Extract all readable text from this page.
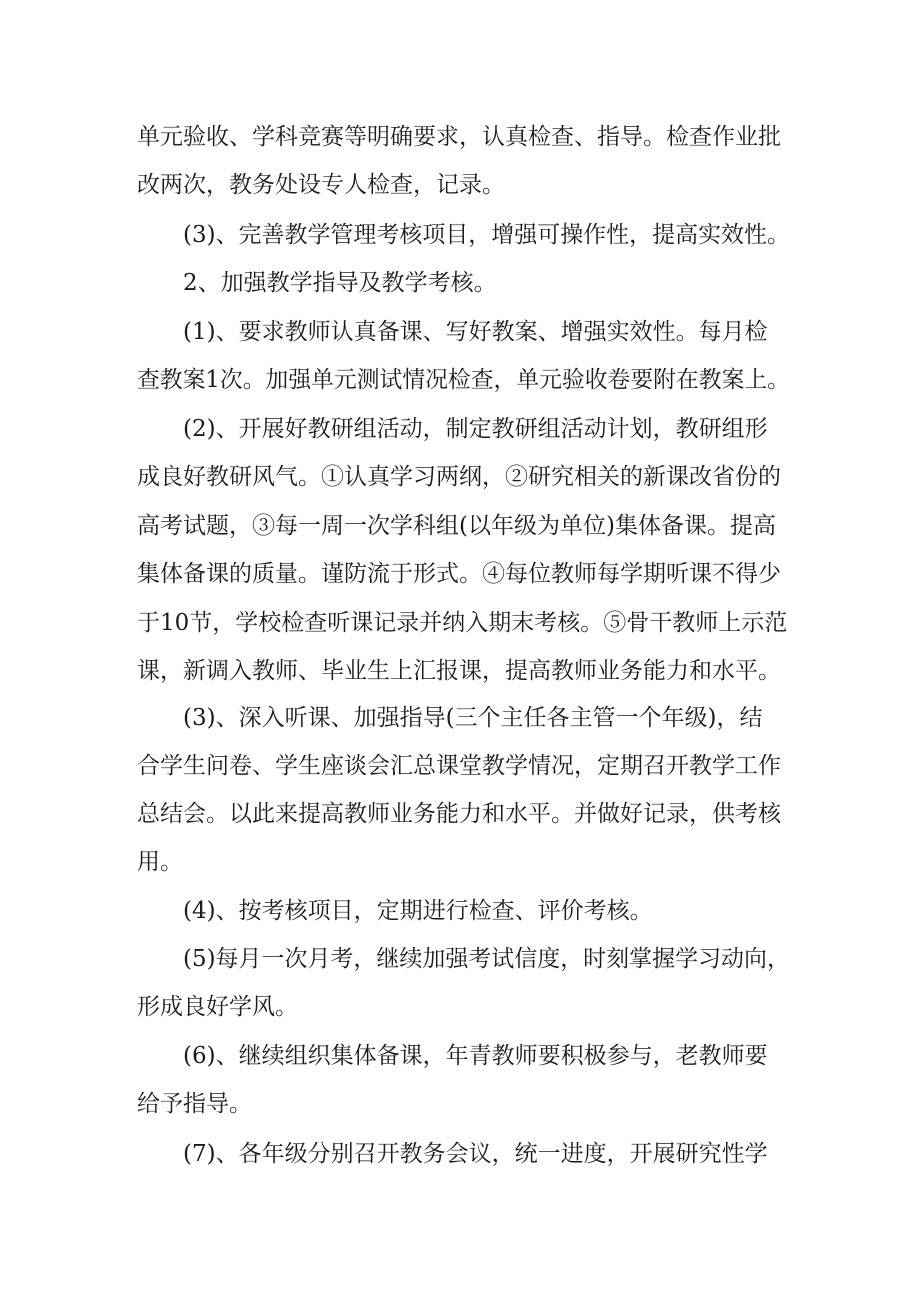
单元验收、学科竞赛等明确要求，认真检查、指导。检查作业批
改两次，教务处设专人检查，记录。
(3)、完善教学管理考核项目，增强可操作性，提高实效性。
2、加强教学指导及教学考核。
(1)、要求教师认真备课、写好教案、增强实效性。每月检
查教案1次。加强单元测试情况检查，单元验收卷要附在教案上。
(2)、开展好教研组活动，制定教研组活动计划，教研组形
成良好教研风气。①认真学习两纲，②研究相关的新课改省份的
高考试题，③每一周一次学科组(以年级为单位)集体备课。提高
集体备课的质量。谨防流于形式。④每位教师每学期听课不得少
于10节，学校检查听课记录并纳入期末考核。⑤骨干教师上示范
课，新调入教师、毕业生上汇报课，提高教师业务能力和水平。
(3)、深入听课、加强指导(三个主任各主管一个年级)，结
合学生问卷、学生座谈会汇总课堂教学情况，定期召开教学工作
总结会。以此来提高教师业务能力和水平。并做好记录，供考核
用。
(4)、按考核项目，定期进行检查、评价考核。
(5)每月一次月考，继续加强考试信度，时刻掌握学习动向，
形成良好学风。
(6)、继续组织集体备课，年青教师要积极参与，老教师要
给予指导。
(7)、各年级分别召开教务会议，统一进度，开展研究性学
